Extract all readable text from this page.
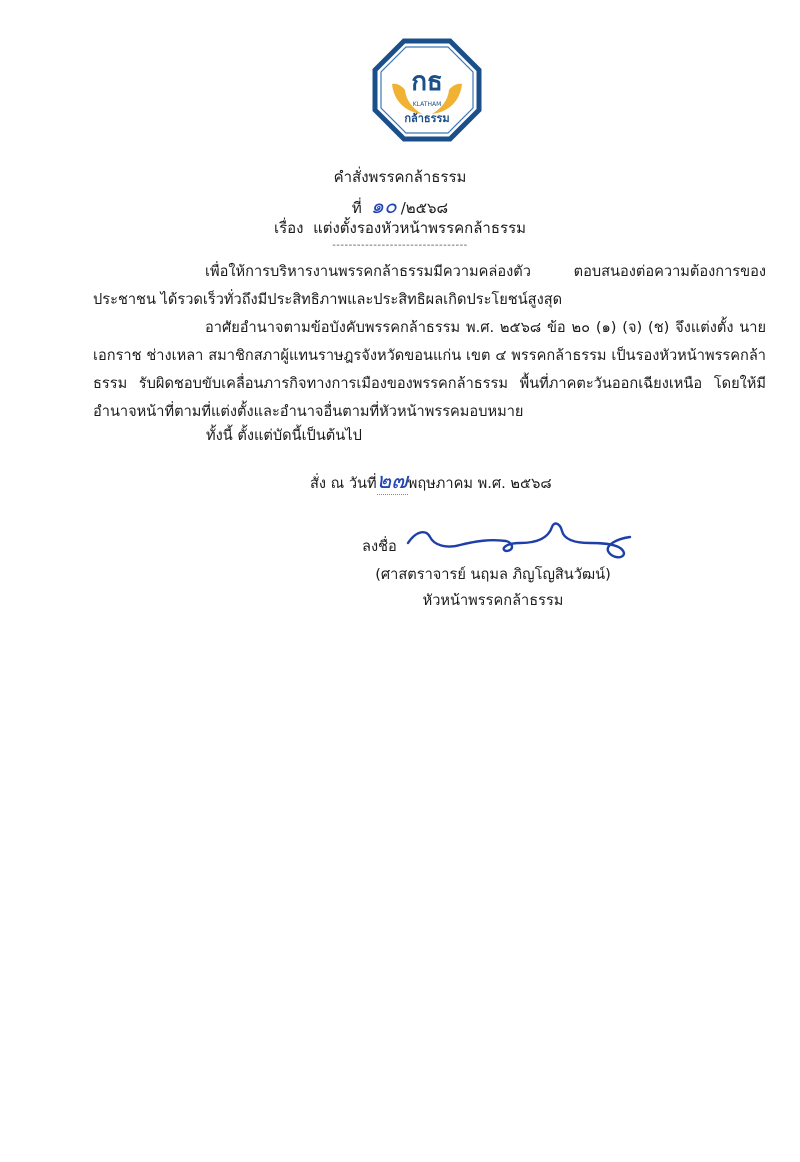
กธ
KLATHAM
กล้าธรรม
คำสั่งพรรคกล้าธรรม
ที่ ๑๐ /๒๕๖๘
เรื่อง แต่งตั้งรองหัวหน้าพรรคกล้าธรรม
---------------------------------
เพื่อให้การบริหารงานพรรคกล้าธรรมมีความคล่องตัว ตอบสนองต่อความต้องการของประชาชน ได้รวดเร็วทั่วถึงมีประสิทธิภาพและประสิทธิผลเกิดประโยชน์สูงสุด
อาศัยอำนาจตามข้อบังคับพรรคกล้าธรรม พ.ศ. ๒๕๖๘ ข้อ ๒๐ (๑) (จ) (ช) จึงแต่งตั้ง นายเอกราช ช่างเหลา สมาชิกสภาผู้แทนราษฎรจังหวัดขอนแก่น เขต ๔ พรรคกล้าธรรม เป็นรองหัวหน้าพรรคกล้าธรรม รับผิดชอบขับเคลื่อนภารกิจทางการเมืองของพรรคกล้าธรรม พื้นที่ภาคตะวันออกเฉียงเหนือ โดยให้มีอำนาจหน้าที่ตามที่แต่งตั้งและอำนาจอื่นตามที่หัวหน้าพรรคมอบหมาย
ทั้งนี้ ตั้งแต่บัดนี้เป็นต้นไป
สั่ง ณ วันที่๒๗พฤษภาคม พ.ศ. ๒๕๖๘
ลงชื่อ
(ศาสตราจารย์ นฤมล ภิญโญสินวัฒน์)
หัวหน้าพรรคกล้าธรรม
